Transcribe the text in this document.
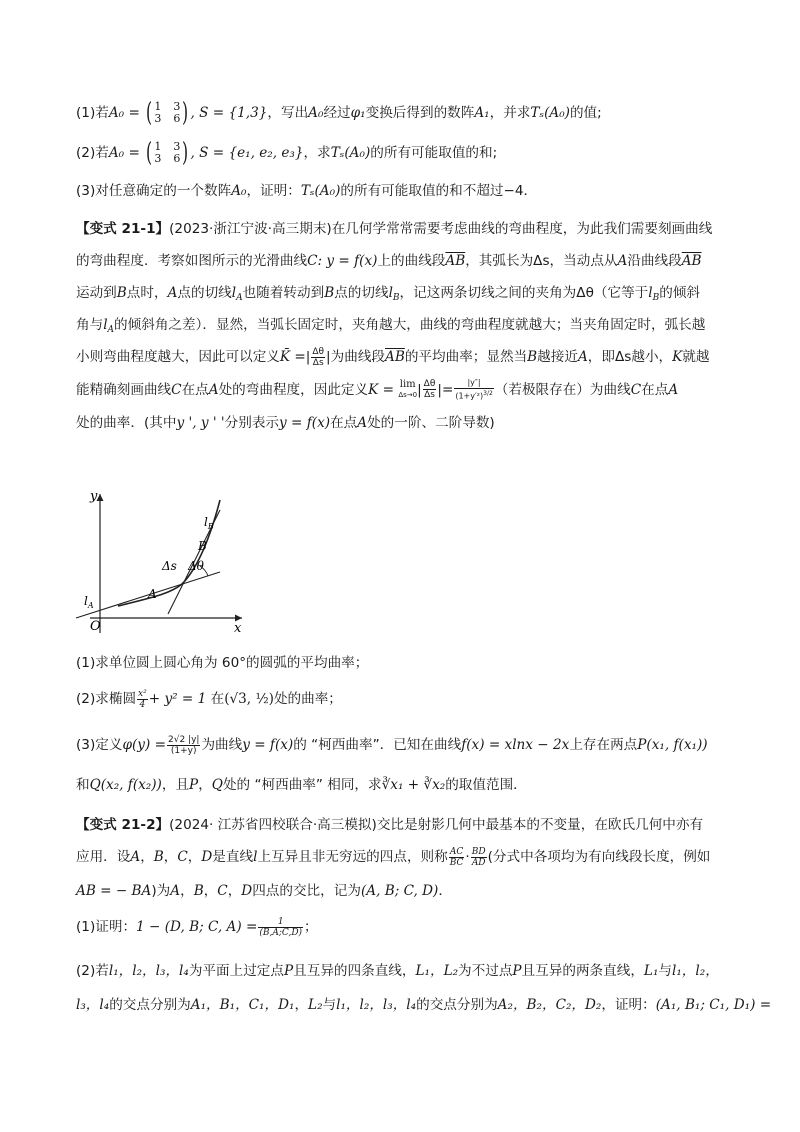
(1)若A₀ = ( 1 3
3 6 ) , S = {1,3}，写出A₀经过φ₁变换后得到的数阵A₁，并求Tₛ(A₀)的值;
(2)若A₀ = ( 1 3
3 6 ) , S = {e₁, e₂, e₃}，求Tₛ(A₀)的所有可能取值的和;
(3)对任意确定的一个数阵A₀，证明：Tₛ(A₀)的所有可能取值的和不超过−4．
【变式 21-1】(2023·浙江宁波·高三期末)在几何学常常需要考虑曲线的弯曲程度，为此我们需要刻画曲线
的弯曲程度．考察如图所示的光滑曲线C: y = f(x)上的曲线段$\overline{AB}$，其弧长为Δs，当动点从A沿曲线段$\overline{AB}$
运动到B点时，A点的切线$l_A$也随着转动到B点的切线$l_B$，记这两条切线之间的夹角为Δθ（它等于$l_B$的倾斜
角与$l_A$的倾斜角之差）．显然，当弧长固定时，夹角越大，曲线的弯曲程度就越大；当夹角固定时，弧长越
小则弯曲程度越大，因此可以定义K̄ =| $\frac{\Delta\theta}{\Delta s}$ |为曲线段$\overline{AB}$的平均曲率；显然当B越接近A，即Δs越小，K就越
能精确刻画曲线C在点A处的弯曲程度，因此定义K = lim
$\Delta s\to 0| \frac{\Delta\theta}{\Delta s}$ |= $\frac{|y''|}{(1+y'^2)^{3/2}}$ （若极限存在）为曲线C在点A
处的曲率．(其中y ', y ' '分别表示y = f(x)在点A处的一阶、二阶导数)
y
x
O
$l_A$
$l_B$
A
B
Δs Δθ
(1)求单位圆上圆心角为 60°的圆弧的平均曲率；
(2)求椭圆 $\frac{\text{x²}}{4} + y^2 = 1$ 在(√3, ½)处的曲率；
(3)定义$\varphi(y) = \frac{2√2 |y|}{(1+y)}$ 为曲线y = f(x)的 “柯西曲率”．已知在曲线f(x) = xlnx − 2x上存在两点P(x₁, f(x₁))
和Q(x₂, f(x₂))，且P，Q处的 “柯西曲率” 相同，求∛x₁ + ∛x₂的取值范围．
【变式 21-2】(2024· 江苏省四校联合·高三模拟)交比是射影几何中最基本的不变量，在欧氏几何中亦有
应用．设A，B，C，D是直线l上互异且非无穷远的四点，则称 $\frac{AC}{BC} \cdot \frac{BD}{AD}$ (分式中各项均为有向线段长度，例如
AB = − BA)为A，B，C，D四点的交比，记为(A, B; C, D)．
(1)证明：1 − (D, B; C, $A) = \frac{1}{(B,A;C,D)}$ ；
(2)若l₁，l₂，l₃，l₄为平面上过定点P且互异的四条直线，L₁，L₂为不过点P且互异的两条直线，L₁与l₁，l₂，
l₃，l₄的交点分别为A₁，B₁，C₁，D₁，L₂与l₁，l₂，l₃，l₄的交点分别为A₂，B₂，C₂，D₂，证明：(A₁, B₁; C₁, D₁) =
